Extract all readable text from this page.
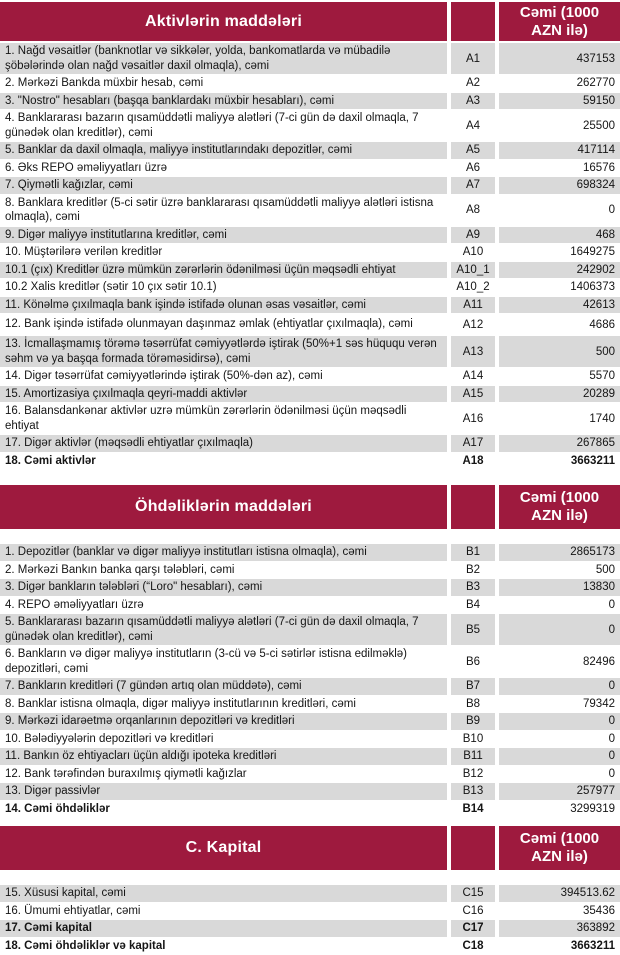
Aktivlərin maddələri
Cəmi (1000 AZN ilə)
1. Nağd vəsaitlər (banknotlar və sikkələr, yolda, bankomatlarda və mübadilə şöbələrində olan nağd vəsaitlər daxil olmaqla), cəmi
A1	437153
2. Mərkəzi Bankda müxbir hesab, cəmi	A2	262770
3. "Nostro" hesabları (başqa banklardakı müxbir hesabları), cəmi	A3	59150
4. Banklararası bazarın qısamüddətli maliyyə alətləri (7-ci gün də daxil olmaqla, 7 günədək olan kreditlər), cəmi
A4	25500
5. Banklar da daxil olmaqla, maliyyə institutlarındakı depozitlər, cəmi	A5	417114
6. Əks REPO əməliyyatları üzrə	A6	16576
7. Qiymətli kağızlar, cəmi	A7	698324
8. Banklara kreditlər (5-ci sətir üzrə banklararası qısamüddətli maliyyə alətləri istisna olmaqla), cəmi
A8	0
9. Digər maliyyə institutlarına kreditlər, cəmi	A9	468
10. Müştərilərə verilən kreditlər	A10	1649275
10.1 (çıx) Kreditlər üzrə mümkün zərərlərin ödənilməsi üçün məqsədli ehtiyat	A10_1	242902
10.2 Xalis kreditlər (sətir 10 çıx sətir 10.1)	A10_2	1406373
11. Könəlmə çıxılmaqla bank işində istifadə olunan əsas vəsaitlər, cəmi	A11	42613
12. Bank işində istifadə olunmayan daşınmaz əmlak (ehtiyatlar çıxılmaqla), cəmi	A12	4686
13. İcmallaşmamış törəmə təsərrüfat cəmiyyətlərdə iştirak (50%+1 səs hüququ verən səhm və ya başqa formada törəməsidirsə), cəmi
A13	500
14. Digər təsərrüfat cəmiyyətlərində iştirak (50%-dən az), cəmi	A14	5570
15. Amortizasiya çıxılmaqla qeyri-maddi aktivlər	A15	20289
16. Balansdankənar aktivlər uzrə mümkün zərərlərin ödənilməsi üçün məqsədli ehtiyat
A16	1740
17. Digər aktivlər (məqsədli ehtiyatlar çıxılmaqla)	A17	267865
18. Cəmi aktivlər	A18	3663211
Öhdəliklərin maddələri
Cəmi (1000 AZN ilə)
1. Depozitlər (banklar və digər maliyyə institutları istisna olmaqla), cəmi	B1	2865173
2. Mərkəzi Bankın banka qarşı tələbləri, cəmi	B2	500
3. Digər bankların tələbləri (“Loro" hesabları), cəmi	B3	13830
4. REPO əməliyyatları üzrə	B4	0
5. Banklararası bazarın qısamüddətli maliyyə alətləri (7-ci gün də daxil olmaqla, 7 günədək olan kreditlər), cəmi
B5	0
6. Bankların və digər maliyyə institutların (3-cü və 5-ci sətirlər istisna edilməklə) depozitləri, cəmi
B6	82496
7. Bankların kreditləri (7 gündən artıq olan müddətə), cəmi	B7	0
8. Banklar istisna olmaqla, digər maliyyə institutlarının kreditləri, cəmi	B8	79342
9. Mərkəzi idarəetmə orqanlarının depozitləri və kreditləri	B9	0
10. Bələdiyyələrin depozitləri və kreditləri	B10	0
11. Bankın öz ehtiyacları üçün aldığı ipoteka kreditləri	B11	0
12. Bank tərəfindən buraxılmış qiymətli kağızlar	B12	0
13. Digər passivlər	B13	257977
14. Cəmi öhdəliklər	B14	3299319
C. Kapital
Cəmi (1000 AZN ilə)
15. Xüsusi kapital, cəmi	C15	394513.62
16. Ümumi ehtiyatlar, cəmi	C16	35436
17. Cəmi kapital	C17	363892
18. Cəmi öhdəliklər və kapital	C18	3663211
